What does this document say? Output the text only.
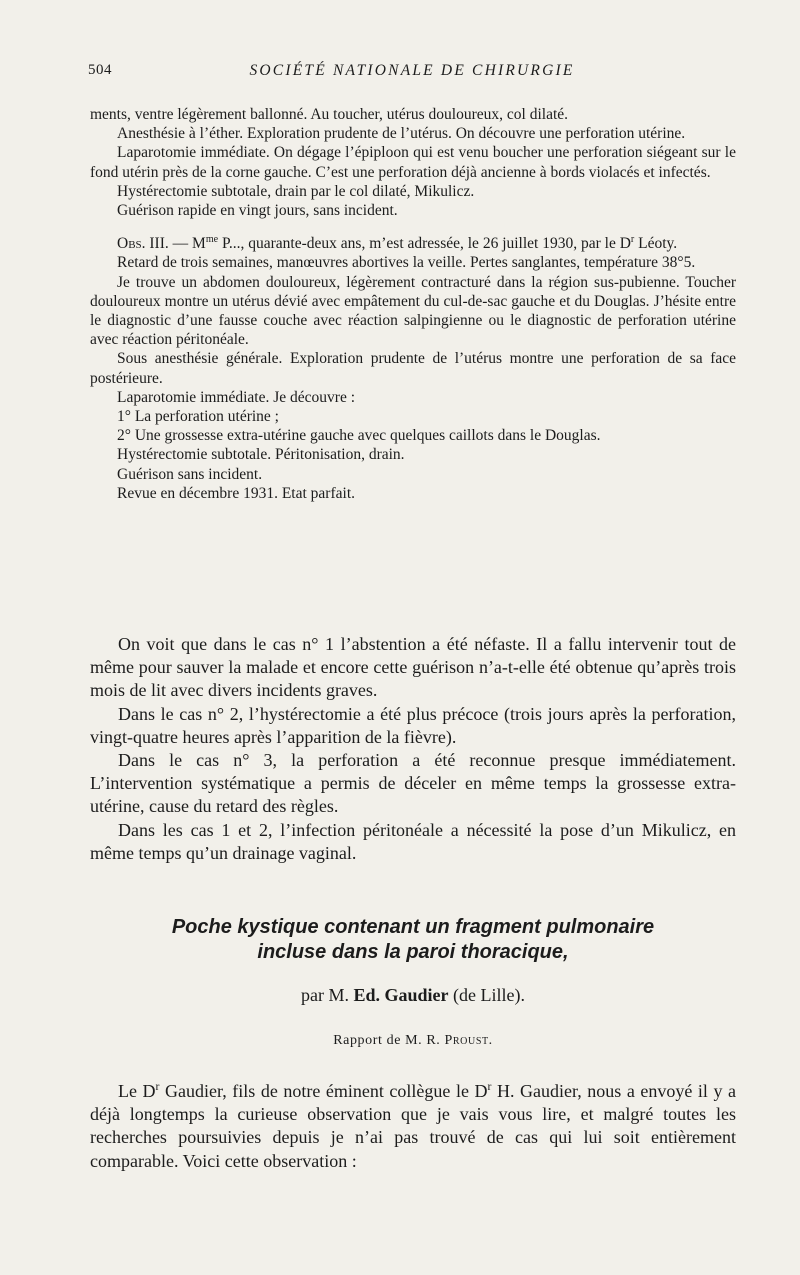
504	SOCIÉTÉ NATIONALE DE CHIRURGIE

ments, ventre légèrement ballonné. Au toucher, utérus douloureux, col dilaté.

Anesthésie à l’éther. Exploration prudente de l’utérus. On découvre une perforation utérine.

Laparotomie immédiate. On dégage l’épiploon qui est venu boucher une perforation siégeant sur le fond utérin près de la corne gauche. C’est une perforation déjà ancienne à bords violacés et infectés.

Hystérectomie subtotale, drain par le col dilaté, Mikulicz.

Guérison rapide en vingt jours, sans incident.

Obs. III. — $M^{me}$ P..., quarante-deux ans, m’est adressée, le 26 juillet 1930, par le $D^r$ Léoty.

Retard de trois semaines, manœuvres abortives la veille. Pertes sanglantes, température 38°5.

Je trouve un abdomen douloureux, légèrement contracturé dans la région sus-pubienne. Toucher douloureux montre un utérus dévié avec empâtement du cul-de-sac gauche et du Douglas. J’hésite entre le diagnostic d’une fausse couche avec réaction salpingienne ou le diagnostic de perforation utérine avec réaction péritonéale.

Sous anesthésie générale. Exploration prudente de l’utérus montre une perforation de sa face postérieure.

Laparotomie immédiate. Je découvre :

1° La perforation utérine ;

2° Une grossesse extra-utérine gauche avec quelques caillots dans le Douglas.

Hystérectomie subtotale. Péritonisation, drain.

Guérison sans incident.

Revue en décembre 1931. Etat parfait.

On voit que dans le cas n° 1 l’abstention a été néfaste. Il a fallu intervenir tout de même pour sauver la malade et encore cette guérison n’a-t-elle été obtenue qu’après trois mois de lit avec divers incidents graves.

Dans le cas n° 2, l’hystérectomie a été plus précoce (trois jours après la perforation, vingt-quatre heures après l’apparition de la fièvre).

Dans le cas n° 3, la perforation a été reconnue presque immédiatement. L’intervention systématique a permis de déceler en même temps la grossesse extra-utérine, cause du retard des règles.

Dans les cas 1 et 2, l’infection péritonéale a nécessité la pose d’un Mikulicz, en même temps qu’un drainage vaginal.

Poche kystique contenant un fragment pulmonaire
incluse dans la paroi thoracique,
par M. Ed. Gaudier (de Lille).
Rapport de M. R. Proust.

Le $D^r$ Gaudier, fils de notre éminent collègue le $D^r$ H. Gaudier, nous a envoyé il y a déjà longtemps la curieuse observation que je vais vous lire, et malgré toutes les recherches poursuivies depuis je n’ai pas trouvé de cas qui lui soit entièrement comparable. Voici cette observation :
